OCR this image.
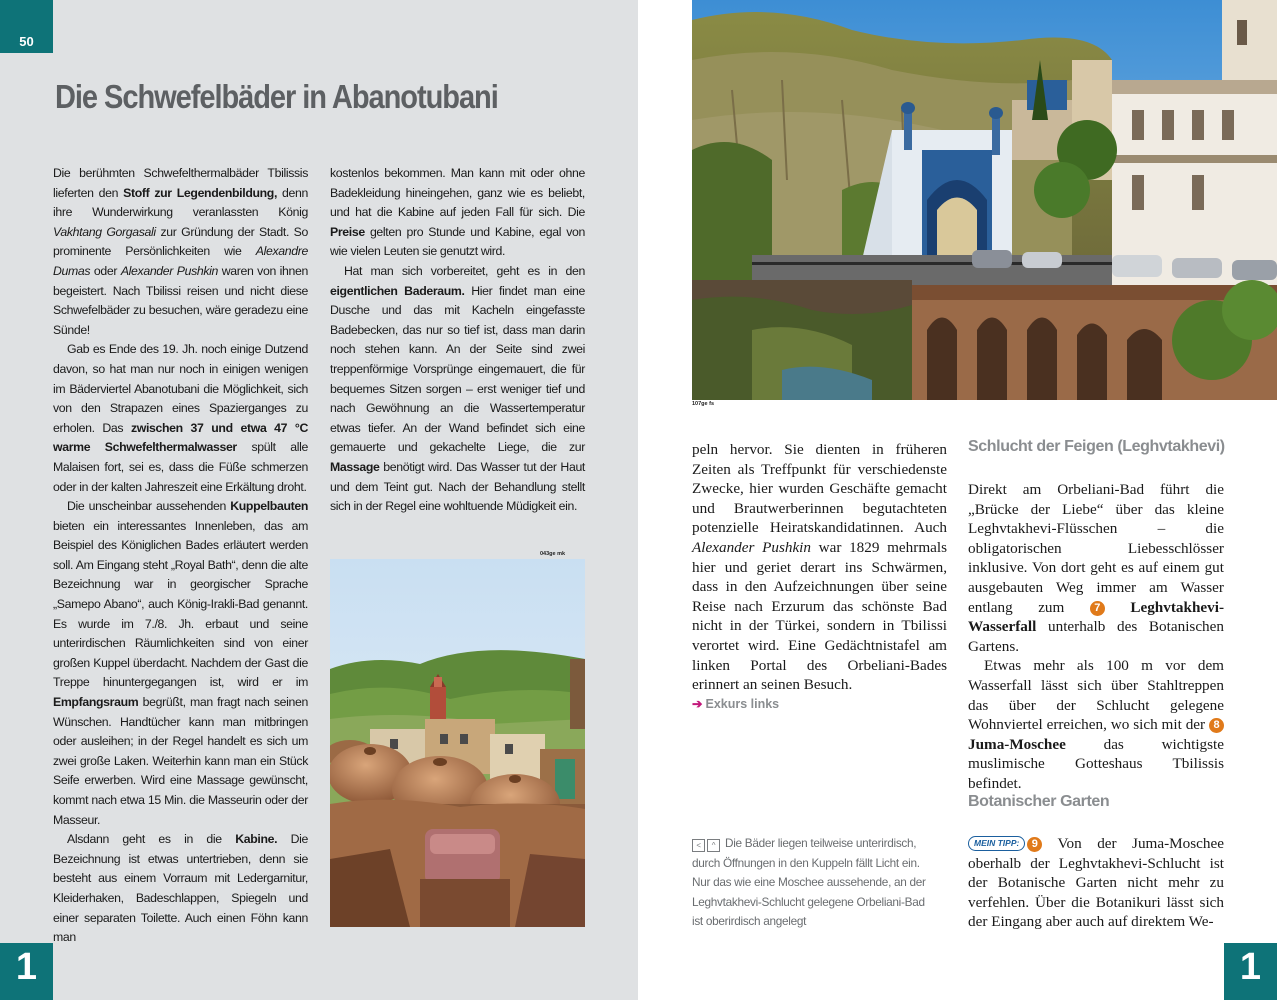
50
Die Schwefelbäder in Abanotubani

Die berühmten Schwefelthermalbäder Tbilissis lieferten den Stoff zur Legendenbildung, denn ihre Wunderwirkung veranlassten König Vakhtang Gorgasali zur Gründung der Stadt. So prominente Persönlichkeiten wie Alexandre Dumas oder Alexander Pushkin waren von ihnen begeistert. Nach Tbilissi reisen und nicht diese Schwefelbäder zu besuchen, wäre geradezu eine Sünde!

Gab es Ende des 19. Jh. noch einige Dutzend davon, so hat man nur noch in einigen wenigen im Bäderviertel Abanotubani die Möglichkeit, sich von den Strapazen eines Spazierganges zu erholen. Das zwischen 37 und etwa 47 °C warme Schwefelthermalwasser spült alle Malaisen fort, sei es, dass die Füße schmerzen oder in der kalten Jahreszeit eine Erkältung droht.

Die unscheinbar aussehenden Kuppelbauten bieten ein interessantes Innenleben, das am Beispiel des Königlichen Bades erläutert werden soll. Am Eingang steht „Royal Bath“, denn die alte Bezeichnung war in georgischer Sprache „Samepo Abano“, auch König-Irakli-Bad genannt. Es wurde im 7./8. Jh. erbaut und seine unterirdischen Räumlichkeiten sind von einer großen Kuppel überdacht. Nachdem der Gast die Treppe hinuntergegangen ist, wird er im Empfangsraum begrüßt, man fragt nach seinen Wünschen. Handtücher kann man mitbringen oder ausleihen; in der Regel handelt es sich um zwei große Laken. Weiterhin kann man ein Stück Seife erwerben. Wird eine Massage gewünscht, kommt nach etwa 15 Min. die Masseurin oder der Masseur.

Alsdann geht es in die Kabine. Die Bezeichnung ist etwas untertrieben, denn sie besteht aus einem Vorraum mit Ledergarnitur, Kleiderhaken, Badeschlappen, Spiegeln und einer separaten Toilette. Auch einen Föhn kann man

kostenlos bekommen. Man kann mit oder ohne Badekleidung hineingehen, ganz wie es beliebt, und hat die Kabine auf jeden Fall für sich. Die Preise gelten pro Stunde und Kabine, egal von wie vielen Leuten sie genutzt wird.

Hat man sich vorbereitet, geht es in den eigentlichen Baderaum. Hier findet man eine Dusche und das mit Kacheln eingefasste Badebecken, das nur so tief ist, dass man darin noch stehen kann. An der Seite sind zwei treppenförmige Vorsprünge eingemauert, die für bequemes Sitzen sorgen – erst weniger tief und nach Gewöhnung an die Wassertemperatur etwas tiefer. An der Wand befindet sich eine gemauerte und gekachelte Liege, die zur Massage benötigt wird. Das Wasser tut der Haut und dem Teint gut. Nach der Behandlung stellt sich in der Regel eine wohltuende Müdigkeit ein.

043ge mk
1
107ge fs

peln hervor. Sie dienten in früheren Zeiten als Treffpunkt für verschiedenste Zwecke, hier wurden Geschäfte gemacht und Brautwerberinnen begutachteten potenzielle Heiratskandidatinnen. Auch Alexander Pushkin war 1829 mehrmals hier und geriet derart ins Schwärmen, dass in den Aufzeichnungen über seine Reise nach Erzurum das schönste Bad nicht in der Türkei, sondern in Tbilissi verortet wird. Eine Gedächtnistafel am linken Portal des Orbeliani-Bades erinnert an seinen Besuch.

➔ Exkurs links
< ^ Die Bäder liegen teilweise unterirdisch, durch Öffnungen in den Kuppeln fällt Licht ein. Nur das wie eine Moschee aussehende, an der Leghvtakhevi-Schlucht gelegene Orbeliani-Bad ist oberirdisch angelegt
Schlucht der Feigen (Leghvtakhevi)

Direkt am Orbeliani-Bad führt die „Brücke der Liebe“ über das kleine Leghvtakhevi-Flüsschen – die obligatorischen Liebesschlösser inklusive. Von dort geht es auf einem gut ausgebauten Weg immer am Wasser entlang zum 7 Leghvtakhevi-Wasserfall unterhalb des Botanischen Gartens.

Etwas mehr als 100 m vor dem Wasserfall lässt sich über Stahltreppen das über der Schlucht gelegene Wohnviertel erreichen, wo sich mit der 8 Juma-Moschee das wichtigste muslimische Gotteshaus Tbilissis befindet.

Botanischer Garten

MEIN TIPP: 9 Von der Juma-Moschee oberhalb der Leghvtakhevi-Schlucht ist der Botanische Garten nicht mehr zu verfehlen. Über die Botanikuri lässt sich der Eingang aber auch auf direktem We-

1
